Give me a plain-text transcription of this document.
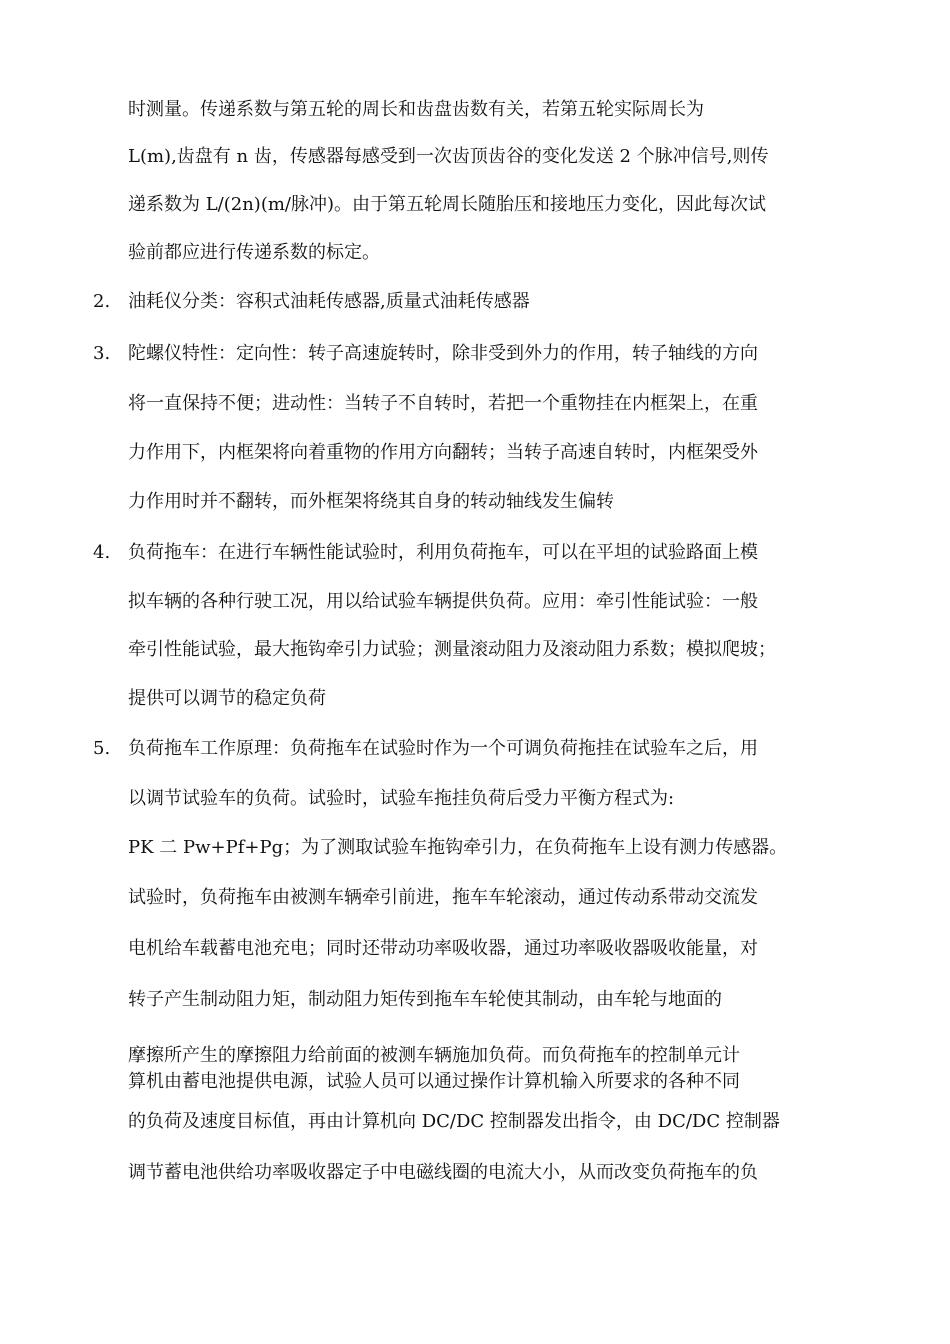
时测量。传递系数与第五轮的周长和齿盘齿数有关，若第五轮实际周长为
L(m),齿盘有 n 齿，传感器每感受到一次齿顶齿谷的变化发送 2 个脉冲信号,则传
递系数为 L/(2n)(m/脉冲)。由于第五轮周长随胎压和接地压力变化，因此每次试
验前都应进行传递系数的标定。
2. 油耗仪分类：容积式油耗传感器,质量式油耗传感器
3. 陀螺仪特性：定向性：转子高速旋转时，除非受到外力的作用，转子轴线的方向
将一直保持不便；进动性：当转子不自转时，若把一个重物挂在内框架上，在重
力作用下，内框架将向着重物的作用方向翻转；当转子高速自转时，内框架受外
力作用时并不翻转，而外框架将绕其自身的转动轴线发生偏转
4. 负荷拖车：在进行车辆性能试验时，利用负荷拖车，可以在平坦的试验路面上模
拟车辆的各种行驶工况，用以给试验车辆提供负荷。应用：牵引性能试验：一般
牵引性能试验，最大拖钩牵引力试验；测量滚动阻力及滚动阻力系数；模拟爬坡；
提供可以调节的稳定负荷
5. 负荷拖车工作原理：负荷拖车在试验时作为一个可调负荷拖挂在试验车之后，用
以调节试验车的负荷。试验时，试验车拖挂负荷后受力平衡方程式为:
PK 二 Pw+Pf+Pg；为了测取试验车拖钩牵引力，在负荷拖车上设有测力传感器。
试验时，负荷拖车由被测车辆牵引前进，拖车车轮滚动，通过传动系带动交流发
电机给车载蓄电池充电；同时还带动功率吸收器，通过功率吸收器吸收能量，对
转子产生制动阻力矩，制动阻力矩传到拖车车轮使其制动，由车轮与地面的
摩擦所产生的摩擦阻力给前面的被测车辆施加负荷。而负荷拖车的控制单元计
算机由蓄电池提供电源，试验人员可以通过操作计算机输入所要求的各种不同
的负荷及速度目标值，再由计算机向 DC/DC 控制器发出指令，由 DC/DC 控制器
调节蓄电池供给功率吸收器定子中电磁线圈的电流大小，从而改变负荷拖车的负
